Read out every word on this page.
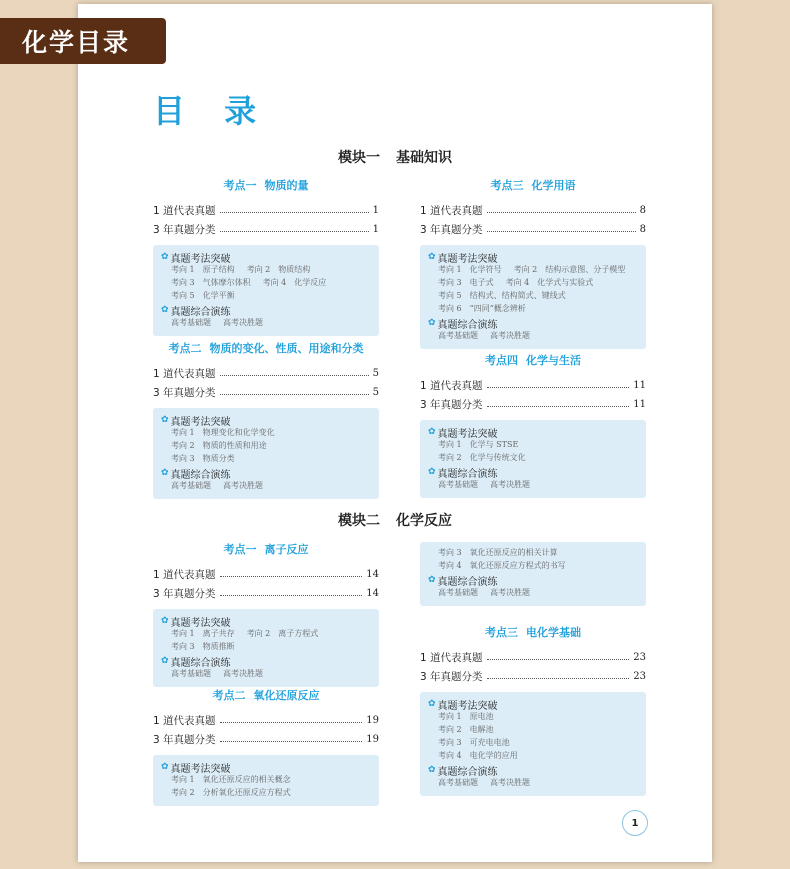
化学目录
目 录
模块一 基础知识
模块二 化学反应
考点一 物质的量
1 道代表真题	1
3 年真题分类	1
✿ 真题考法突破
考向 1　原子结构 考向 2　物质结构
考向 3　气体摩尔体积 考向 4　化学反应
考向 5　化学平衡
✿ 真题综合演练
高考基础题 高考决胜题
考点二 物质的变化、性质、用途和分类
1 道代表真题	5
3 年真题分类	5
✿ 真题考法突破
考向 1　物理变化和化学变化
考向 2　物质的性质和用途
考向 3　物质分类
✿ 真题综合演练
高考基础题 高考决胜题
考点三 化学用语
1 道代表真题	8
3 年真题分类	8
✿ 真题考法突破
考向 1　化学符号 考向 2　结构示意图、分子模型
考向 3　电子式 考向 4　化学式与实验式
考向 5　结构式、结构简式、键线式
考向 6　“四同”概念辨析
✿ 真题综合演练
高考基础题 高考决胜题
考点四 化学与生活
1 道代表真题	11
3 年真题分类	11
✿ 真题考法突破
考向 1　化学与 STSE
考向 2　化学与传统文化
✿ 真题综合演练
高考基础题 高考决胜题
考点一 离子反应
1 道代表真题	14
3 年真题分类	14
✿ 真题考法突破
考向 1　离子共存 考向 2　离子方程式
考向 3　物质推断
✿ 真题综合演练
高考基础题 高考决胜题
考点二 氧化还原反应
1 道代表真题	19
3 年真题分类	19
✿ 真题考法突破
考向 1　氧化还原反应的相关概念
考向 2　分析氧化还原反应方程式
考向 3　氧化还原反应的相关计算
考向 4　氧化还原反应方程式的书写
✿ 真题综合演练
高考基础题 高考决胜题
考点三 电化学基础
1 道代表真题	23
3 年真题分类	23
✿ 真题考法突破
考向 1　原电池
考向 2　电解池
考向 3　可充电电池
考向 4　电化学的应用
✿ 真题综合演练
高考基础题 高考决胜题
1
